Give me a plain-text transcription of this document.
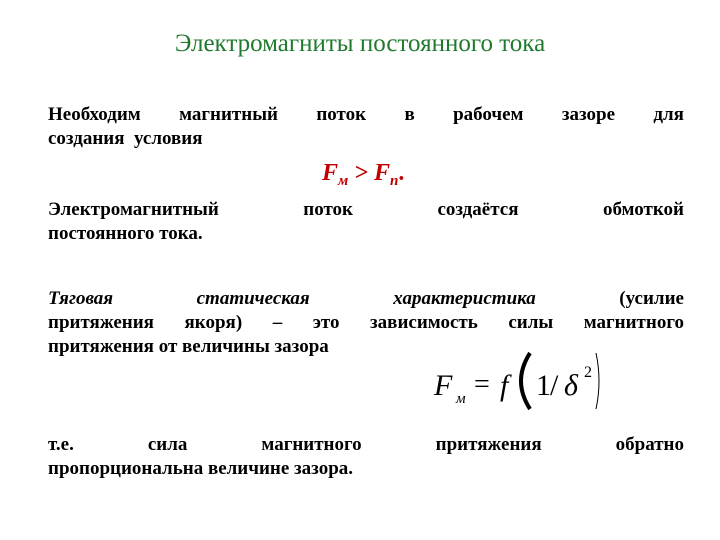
Электромагниты постоянного тока
Необходим магнитный поток в рабочем зазоре для
создания  условия
$F_м > F_п$.
Электромагнитный	поток	создаётся	обмоткой
постоянного тока.
Тяговая	статическая	характеристика	(усилие
притяжения якоря) – это зависимость силы магнитного
притяжения от величины зазора
F м = f 1 / δ 2
т.е.	сила	магнитного	притяжения	обратно
пропорциональна величине зазора.
